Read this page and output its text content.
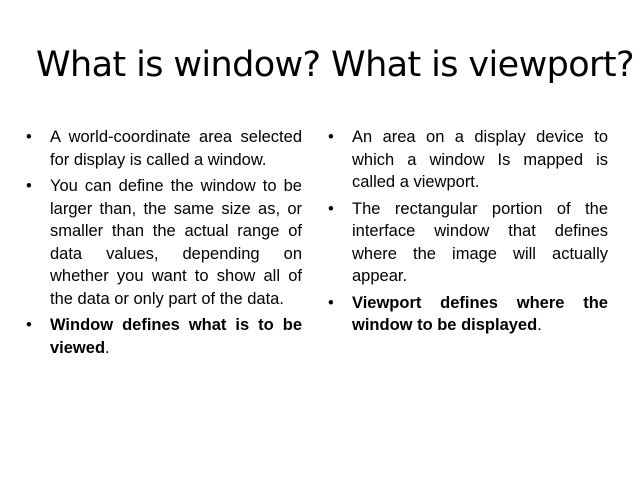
What is window? What is viewport?
• A world-coordinate area selected for display is called a window.
• You can define the window to be larger than, the same size as, or smaller than the actual range of data values, depending on whether you want to show all of the data or only part of the data.
• Window defines what is to be viewed.
• An area on a display device to which a window Is mapped is called a viewport.
• The rectangular portion of the interface window that defines where the image will actually appear.
• Viewport defines where the window to be displayed.
